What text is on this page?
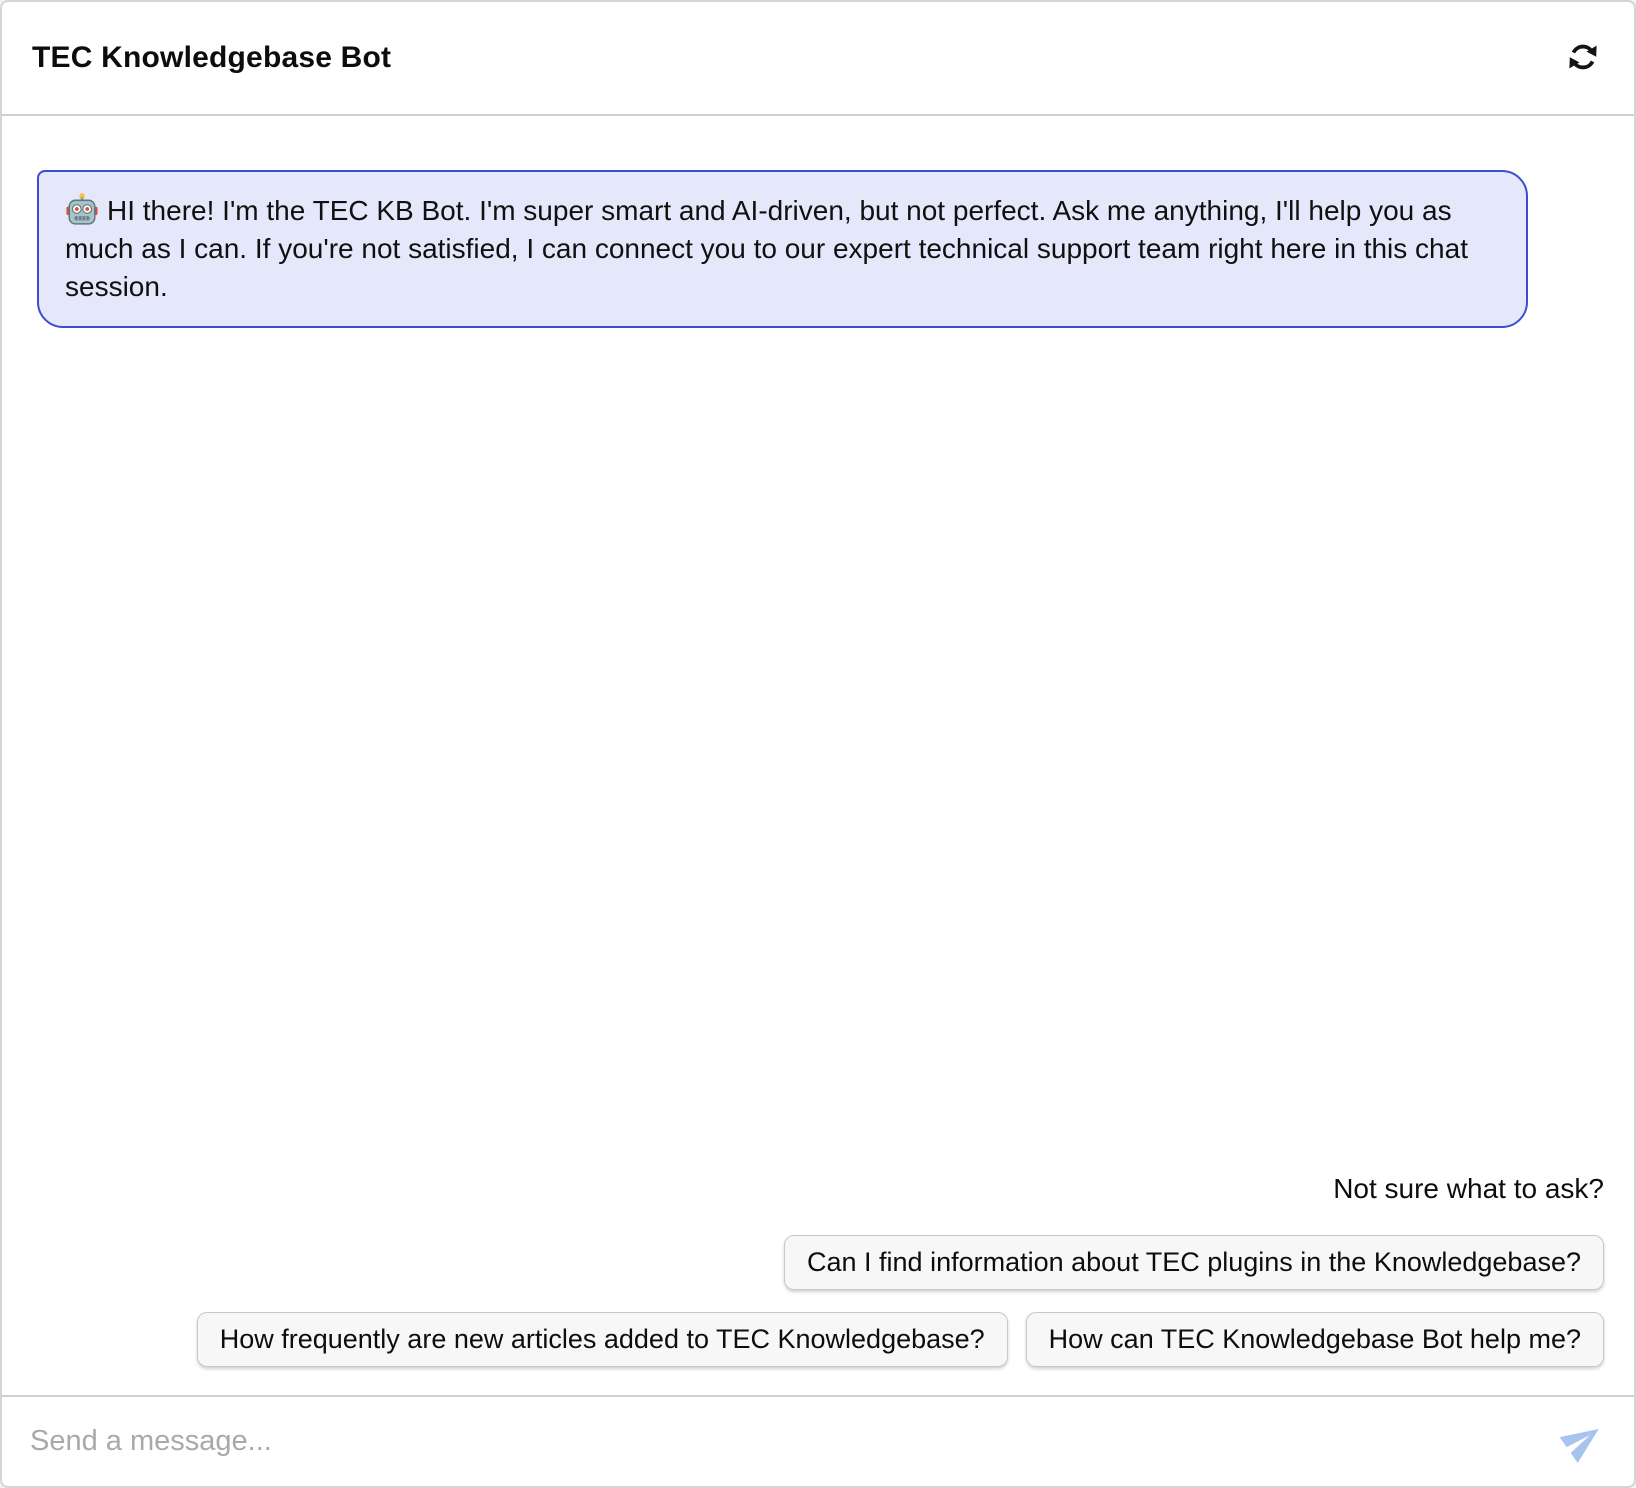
TEC Knowledgebase Bot
HI there! I'm the TEC KB Bot. I'm super smart and AI-driven, but not perfect. Ask me anything, I'll help you as much as I can. If you're not satisfied, I can connect you to our expert technical support team right here in this chat session.
Not sure what to ask?
Can I find information about TEC plugins in the Knowledgebase?
How frequently are new articles added to TEC Knowledgebase?	How can TEC Knowledgebase Bot help me?
Send a message...
